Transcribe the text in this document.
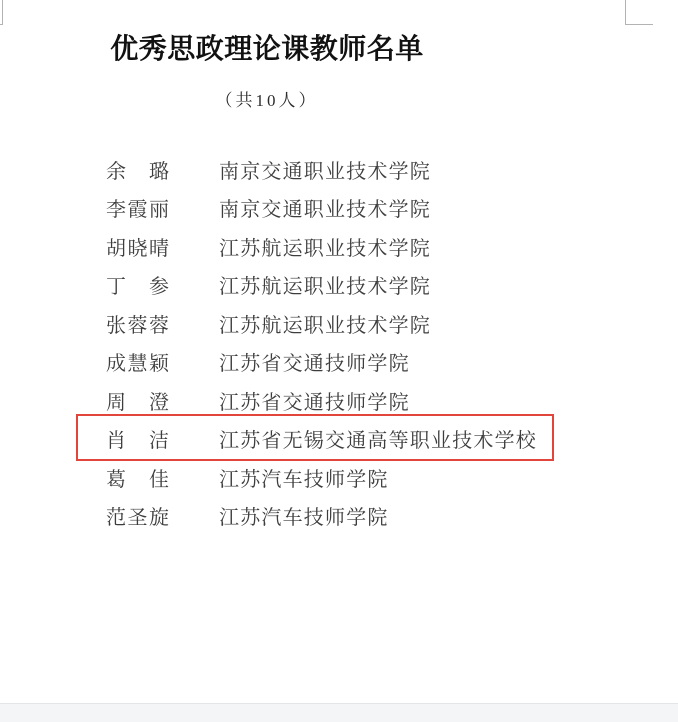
优秀思政理论课教师名单
（共10人）
余　璐 南京交通职业技术学院
李霞丽 南京交通职业技术学院
胡晓晴 江苏航运职业技术学院
丁　参 江苏航运职业技术学院
张蓉蓉 江苏航运职业技术学院
成慧颖 江苏省交通技师学院
周　澄 江苏省交通技师学院
肖　洁 江苏省无锡交通高等职业技术学校
葛　佳 江苏汽车技师学院
范圣旋 江苏汽车技师学院
